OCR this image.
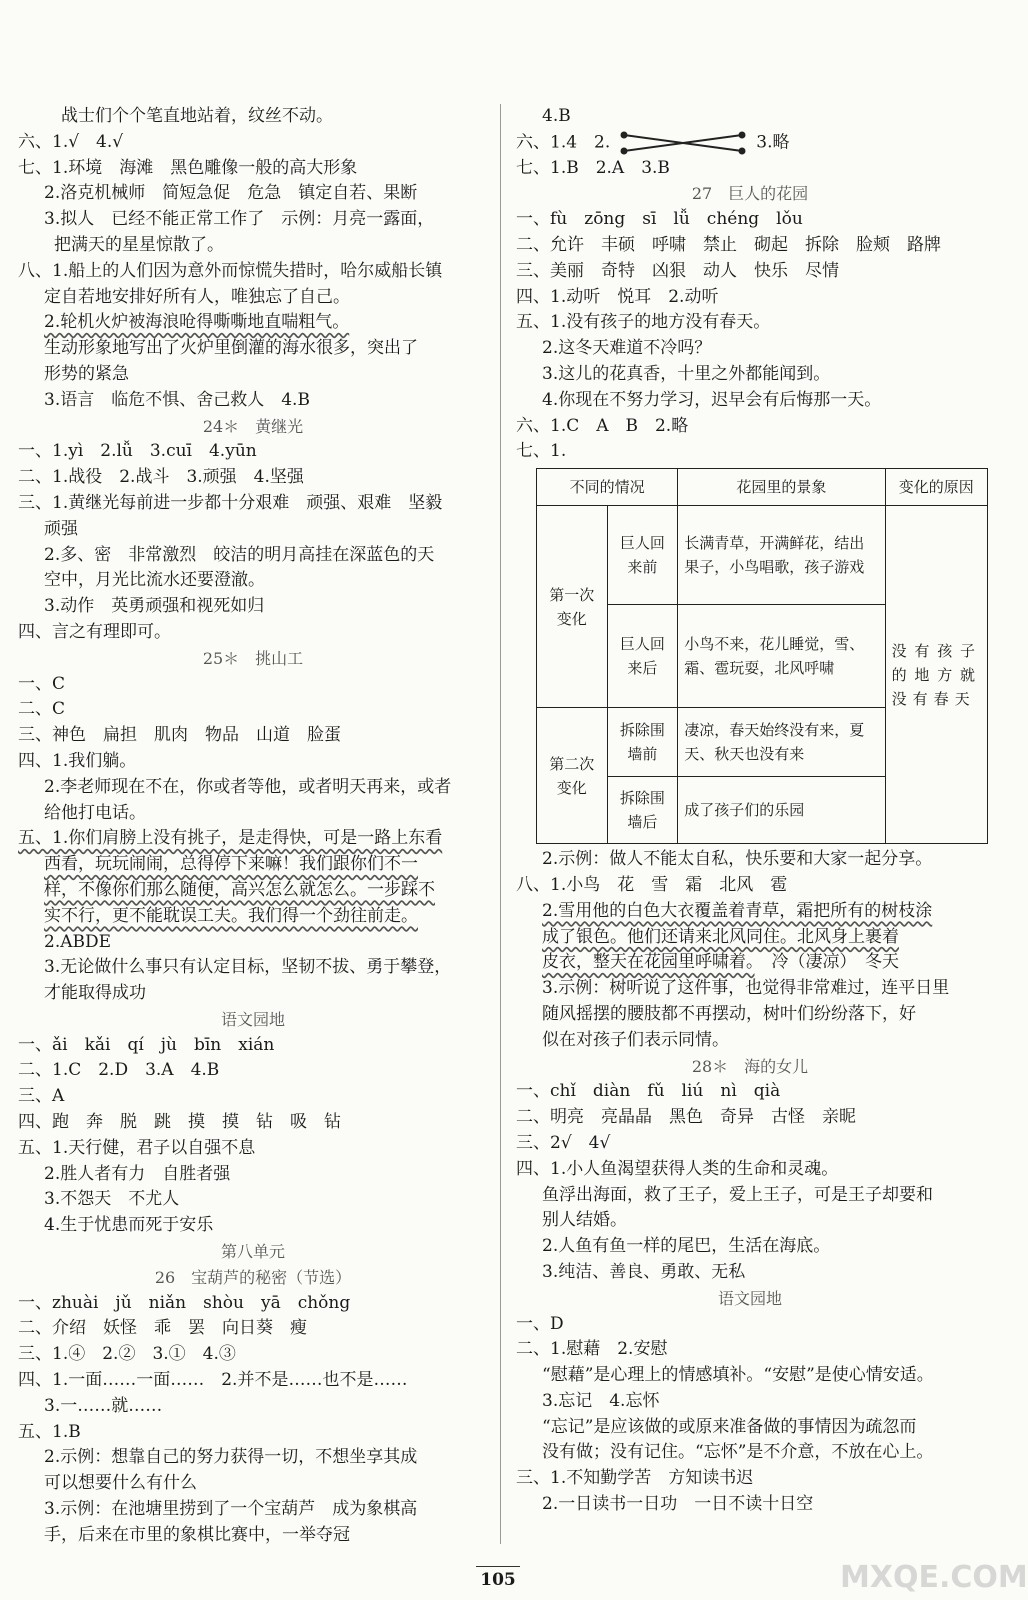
　战士们个个笔直地站着，纹丝不动。
六、1.√　4.√
七、1.环境　海滩　黑色雕像一般的高大形象
2.洛克机械师　简短急促　危急　镇定自若、果断
3.拟人　已经不能正常工作了　示例：月亮一露面，
把满天的星星惊散了。
八、1.船上的人们因为意外而惊慌失措时，哈尔威船长镇
定自若地安排好所有人，唯独忘了自己。
2.轮机火炉被海浪呛得嘶嘶地直喘粗气。
生动形象地写出了火炉里倒灌的海水很多，突出了
形势的紧急
3.语言　临危不惧、舍己救人　4.B
24＊　黄继光
一、1.yì　2.lǚ　3.cuī　4.yūn
二、1.战役　2.战斗　3.顽强　4.坚强
三、1.黄继光每前进一步都十分艰难　顽强、艰难　坚毅
顽强
2.多、密　非常激烈　皎洁的明月高挂在深蓝色的天
空中，月光比流水还要澄澈。
3.动作　英勇顽强和视死如归
四、言之有理即可。
25＊　挑山工
一、C
二、C
三、神色　扁担　肌肉　物品　山道　脸蛋
四、1.我们躺。
2.李老师现在不在，你或者等他，或者明天再来，或者
给他打电话。
五、1.你们肩膀上没有挑子，是走得快，可是一路上东看
西看，玩玩闹闹，总得停下来嘛！我们跟你们不一
样，不像你们那么随便，高兴怎么就怎么。一步踩不
实不行，更不能耽误工夫。我们得一个劲往前走。
2.ABDE
3.无论做什么事只有认定目标，坚韧不拔、勇于攀登，
才能取得成功
语文园地
一、ǎi　kǎi　qí　jù　bīn　xián
二、1.C　2.D　3.A　4.B
三、A
四、跑　奔　脱　跳　摸　摸　钻　吸　钻
五、1.天行健，君子以自强不息
2.胜人者有力　自胜者强
3.不怨天　不尤人
4.生于忧患而死于安乐
第八单元
26　宝葫芦的秘密（节选）
一、zhuài　jǔ　niǎn　shòu　yā　chǒng
二、介绍　妖怪　乖　罢　向日葵　瘦
三、1.④　2.②　3.①　4.③
四、1.一面……一面……　2.并不是……也不是……
3.一……就……
五、1.B
2.示例：想靠自己的努力获得一切，不想坐享其成
可以想要什么有什么
3.示例：在池塘里捞到了一个宝葫芦　成为象棋高
手，后来在市里的象棋比赛中，一举夺冠
4.B
六、1.4　2.	3.略
七、1.B　2.A　3.B
27　巨人的花园
一、fù　zōng　sī　lǚ　chéng　lǒu
二、允许　丰硕　呼啸　禁止　砌起　拆除　脸颊　路牌
三、美丽　奇特　凶狠　动人　快乐　尽情
四、1.动听　悦耳　2.动听
五、1.没有孩子的地方没有春天。
2.这冬天难道不冷吗？
3.这儿的花真香，十里之外都能闻到。
4.你现在不努力学习，迟早会有后悔那一天。
六、1.C　A　B　2.略
七、1.
不同的情况		花园里的景象	变化的原因
第一次变化	巨人回来前	长满青草，开满鲜花，结出果子，小鸟唱歌，孩子游戏	没有孩子的地方就没有春天
	巨人回来后	小鸟不来，花儿睡觉，雪、霜、雹玩耍，北风呼啸	
第二次变化	拆除围墙前	凄凉，春天始终没有来，夏天、秋天也没有来	
	拆除围墙后	成了孩子们的乐园	
2.示例：做人不能太自私，快乐要和大家一起分享。
八、1.小鸟　花　雪　霜　北风　雹
2.雪用他的白色大衣覆盖着青草，霜把所有的树枝涂
成了银色。他们还请来北风同住。北风身上裹着
皮衣，整天在花园里呼啸着。　 冷（凄凉）　冬天
3.示例：树听说了这件事，也觉得非常难过，连平日里
随风摇摆的腰肢都不再摆动，树叶们纷纷落下，好
似在对孩子们表示同情。
28＊　海的女儿
一、chǐ　diàn　fǔ　liú　nì　qià
二、明亮　亮晶晶　黑色　奇异　古怪　亲昵
三、2√　4√
四、1.小人鱼渴望获得人类的生命和灵魂。
鱼浮出海面，救了王子，爱上王子，可是王子却要和
别人结婚。
2.人鱼有鱼一样的尾巴，生活在海底。
3.纯洁、善良、勇敢、无私
语文园地
一、D
二、1.慰藉　2.安慰
“慰藉”是心理上的情感填补。“安慰”是使心情安适。
3.忘记　4.忘怀
“忘记”是应该做的或原来准备做的事情因为疏忽而
没有做；没有记住。“忘怀”是不介意，不放在心上。
三、1.不知勤学苦　方知读书迟
2.一日读书一日功　一日不读十日空
105	MXQE.COM
